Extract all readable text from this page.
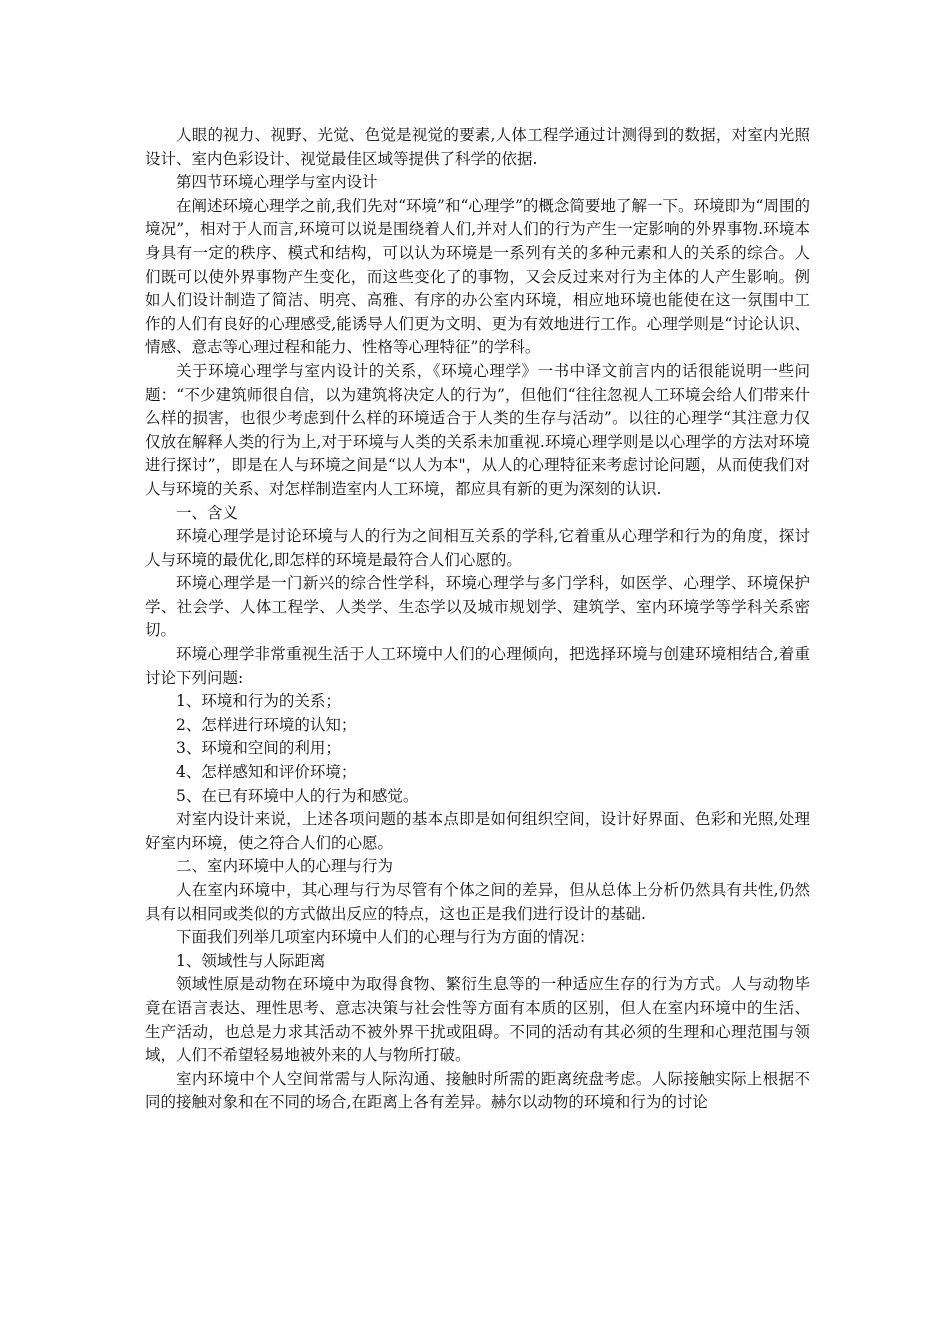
人眼的视力、视野、光觉、色觉是视觉的要素,人体工程学通过计测得到的数据，对室内光照设计、室内色彩设计、视觉最佳区域等提供了科学的依据.

第四节环境心理学与室内设计

在阐述环境心理学之前,我们先对“环境”和“心理学”的概念简要地了解一下。环境即为“周围的境况”，相对于人而言,环境可以说是围绕着人们,并对人们的行为产生一定影响的外界事物.环境本身具有一定的秩序、模式和结构，可以认为环境是一系列有关的多种元素和人的关系的综合。人们既可以使外界事物产生变化，而这些变化了的事物，又会反过来对行为主体的人产生影响。例如人们设计制造了简洁、明亮、高雅、有序的办公室内环境，相应地环境也能使在这一氛围中工作的人们有良好的心理感受,能诱导人们更为文明、更为有效地进行工作。心理学则是“讨论认识、情感、意志等心理过程和能力、性格等心理特征”的学科。

关于环境心理学与室内设计的关系，《环境心理学》一书中译文前言内的话很能说明一些问题：“不少建筑师很自信，以为建筑将决定人的行为”，但他们“往往忽视人工环境会给人们带来什么样的损害，也很少考虑到什么样的环境适合于人类的生存与活动”。以往的心理学“其注意力仅仅放在解释人类的行为上,对于环境与人类的关系未加重视.环境心理学则是以心理学的方法对环境进行探讨”，即是在人与环境之间是“以人为本"，从人的心理特征来考虑讨论问题，从而使我们对人与环境的关系、对怎样制造室内人工环境，都应具有新的更为深刻的认识.

一、含义

环境心理学是讨论环境与人的行为之间相互关系的学科,它着重从心理学和行为的角度，探讨人与环境的最优化,即怎样的环境是最符合人们心愿的。

环境心理学是一门新兴的综合性学科，环境心理学与多门学科，如医学、心理学、环境保护学、社会学、人体工程学、人类学、生态学以及城市规划学、建筑学、室内环境学等学科关系密切。

环境心理学非常重视生活于人工环境中人们的心理倾向，把选择环境与创建环境相结合,着重讨论下列问题:

1、环境和行为的关系；

2、怎样进行环境的认知；

3、环境和空间的利用；

4、怎样感知和评价环境；

5、在已有环境中人的行为和感觉。

对室内设计来说，上述各项问题的基本点即是如何组织空间，设计好界面、色彩和光照,处理好室内环境，使之符合人们的心愿。

二、室内环境中人的心理与行为

人在室内环境中，其心理与行为尽管有个体之间的差异，但从总体上分析仍然具有共性,仍然具有以相同或类似的方式做出反应的特点，这也正是我们进行设计的基础.

下面我们列举几项室内环境中人们的心理与行为方面的情况：

1、领域性与人际距离

领域性原是动物在环境中为取得食物、繁衍生息等的一种适应生存的行为方式。人与动物毕竟在语言表达、理性思考、意志决策与社会性等方面有本质的区别，但人在室内环境中的生活、生产活动，也总是力求其活动不被外界干扰或阻碍。不同的活动有其必须的生理和心理范围与领域，人们不希望轻易地被外来的人与物所打破。

室内环境中个人空间常需与人际沟通、接触时所需的距离统盘考虑。人际接触实际上根据不同的接触对象和在不同的场合,在距离上各有差异。赫尔以动物的环境和行为的讨论
